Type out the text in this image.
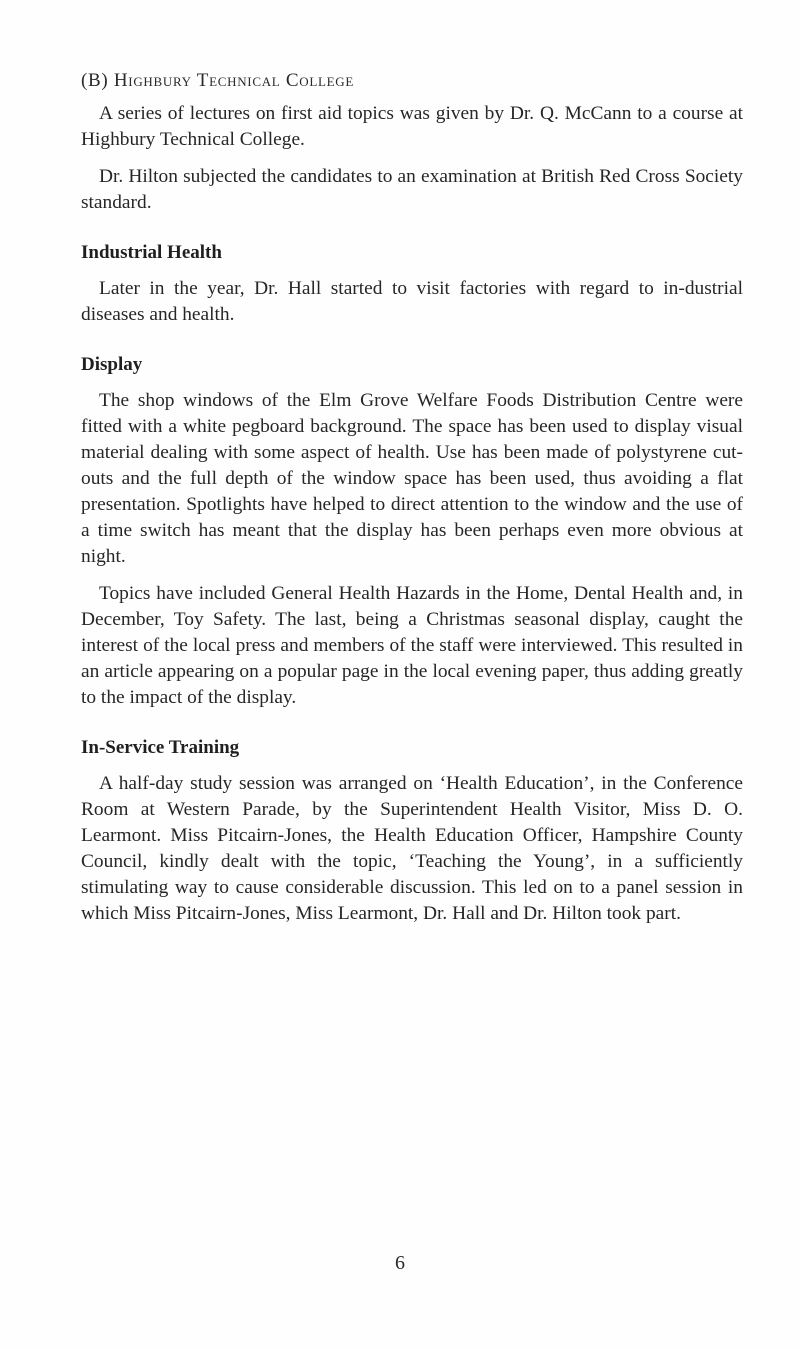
(B) Highbury Technical College

A series of lectures on first aid topics was given by Dr. Q. McCann to a course at Highbury Technical College.

Dr. Hilton subjected the candidates to an examination at British Red Cross Society standard.

Industrial Health

Later in the year, Dr. Hall started to visit factories with regard to in-dustrial diseases and health.

Display

The shop windows of the Elm Grove Welfare Foods Distribution Centre were fitted with a white pegboard background. The space has been used to display visual material dealing with some aspect of health. Use has been made of polystyrene cut-outs and the full depth of the window space has been used, thus avoiding a flat presentation. Spotlights have helped to direct attention to the window and the use of a time switch has meant that the display has been perhaps even more obvious at night.

Topics have included General Health Hazards in the Home, Dental Health and, in December, Toy Safety. The last, being a Christmas seasonal display, caught the interest of the local press and members of the staff were interviewed. This resulted in an article appearing on a popular page in the local evening paper, thus adding greatly to the impact of the display.

In-Service Training

A half-day study session was arranged on ‘Health Education’, in the Conference Room at Western Parade, by the Superintendent Health Visitor, Miss D. O. Learmont. Miss Pitcairn-Jones, the Health Education Officer, Hampshire County Council, kindly dealt with the topic, ‘Teaching the Young’, in a sufficiently stimulating way to cause considerable discussion. This led on to a panel session in which Miss Pitcairn-Jones, Miss Learmont, Dr. Hall and Dr. Hilton took part.

6
